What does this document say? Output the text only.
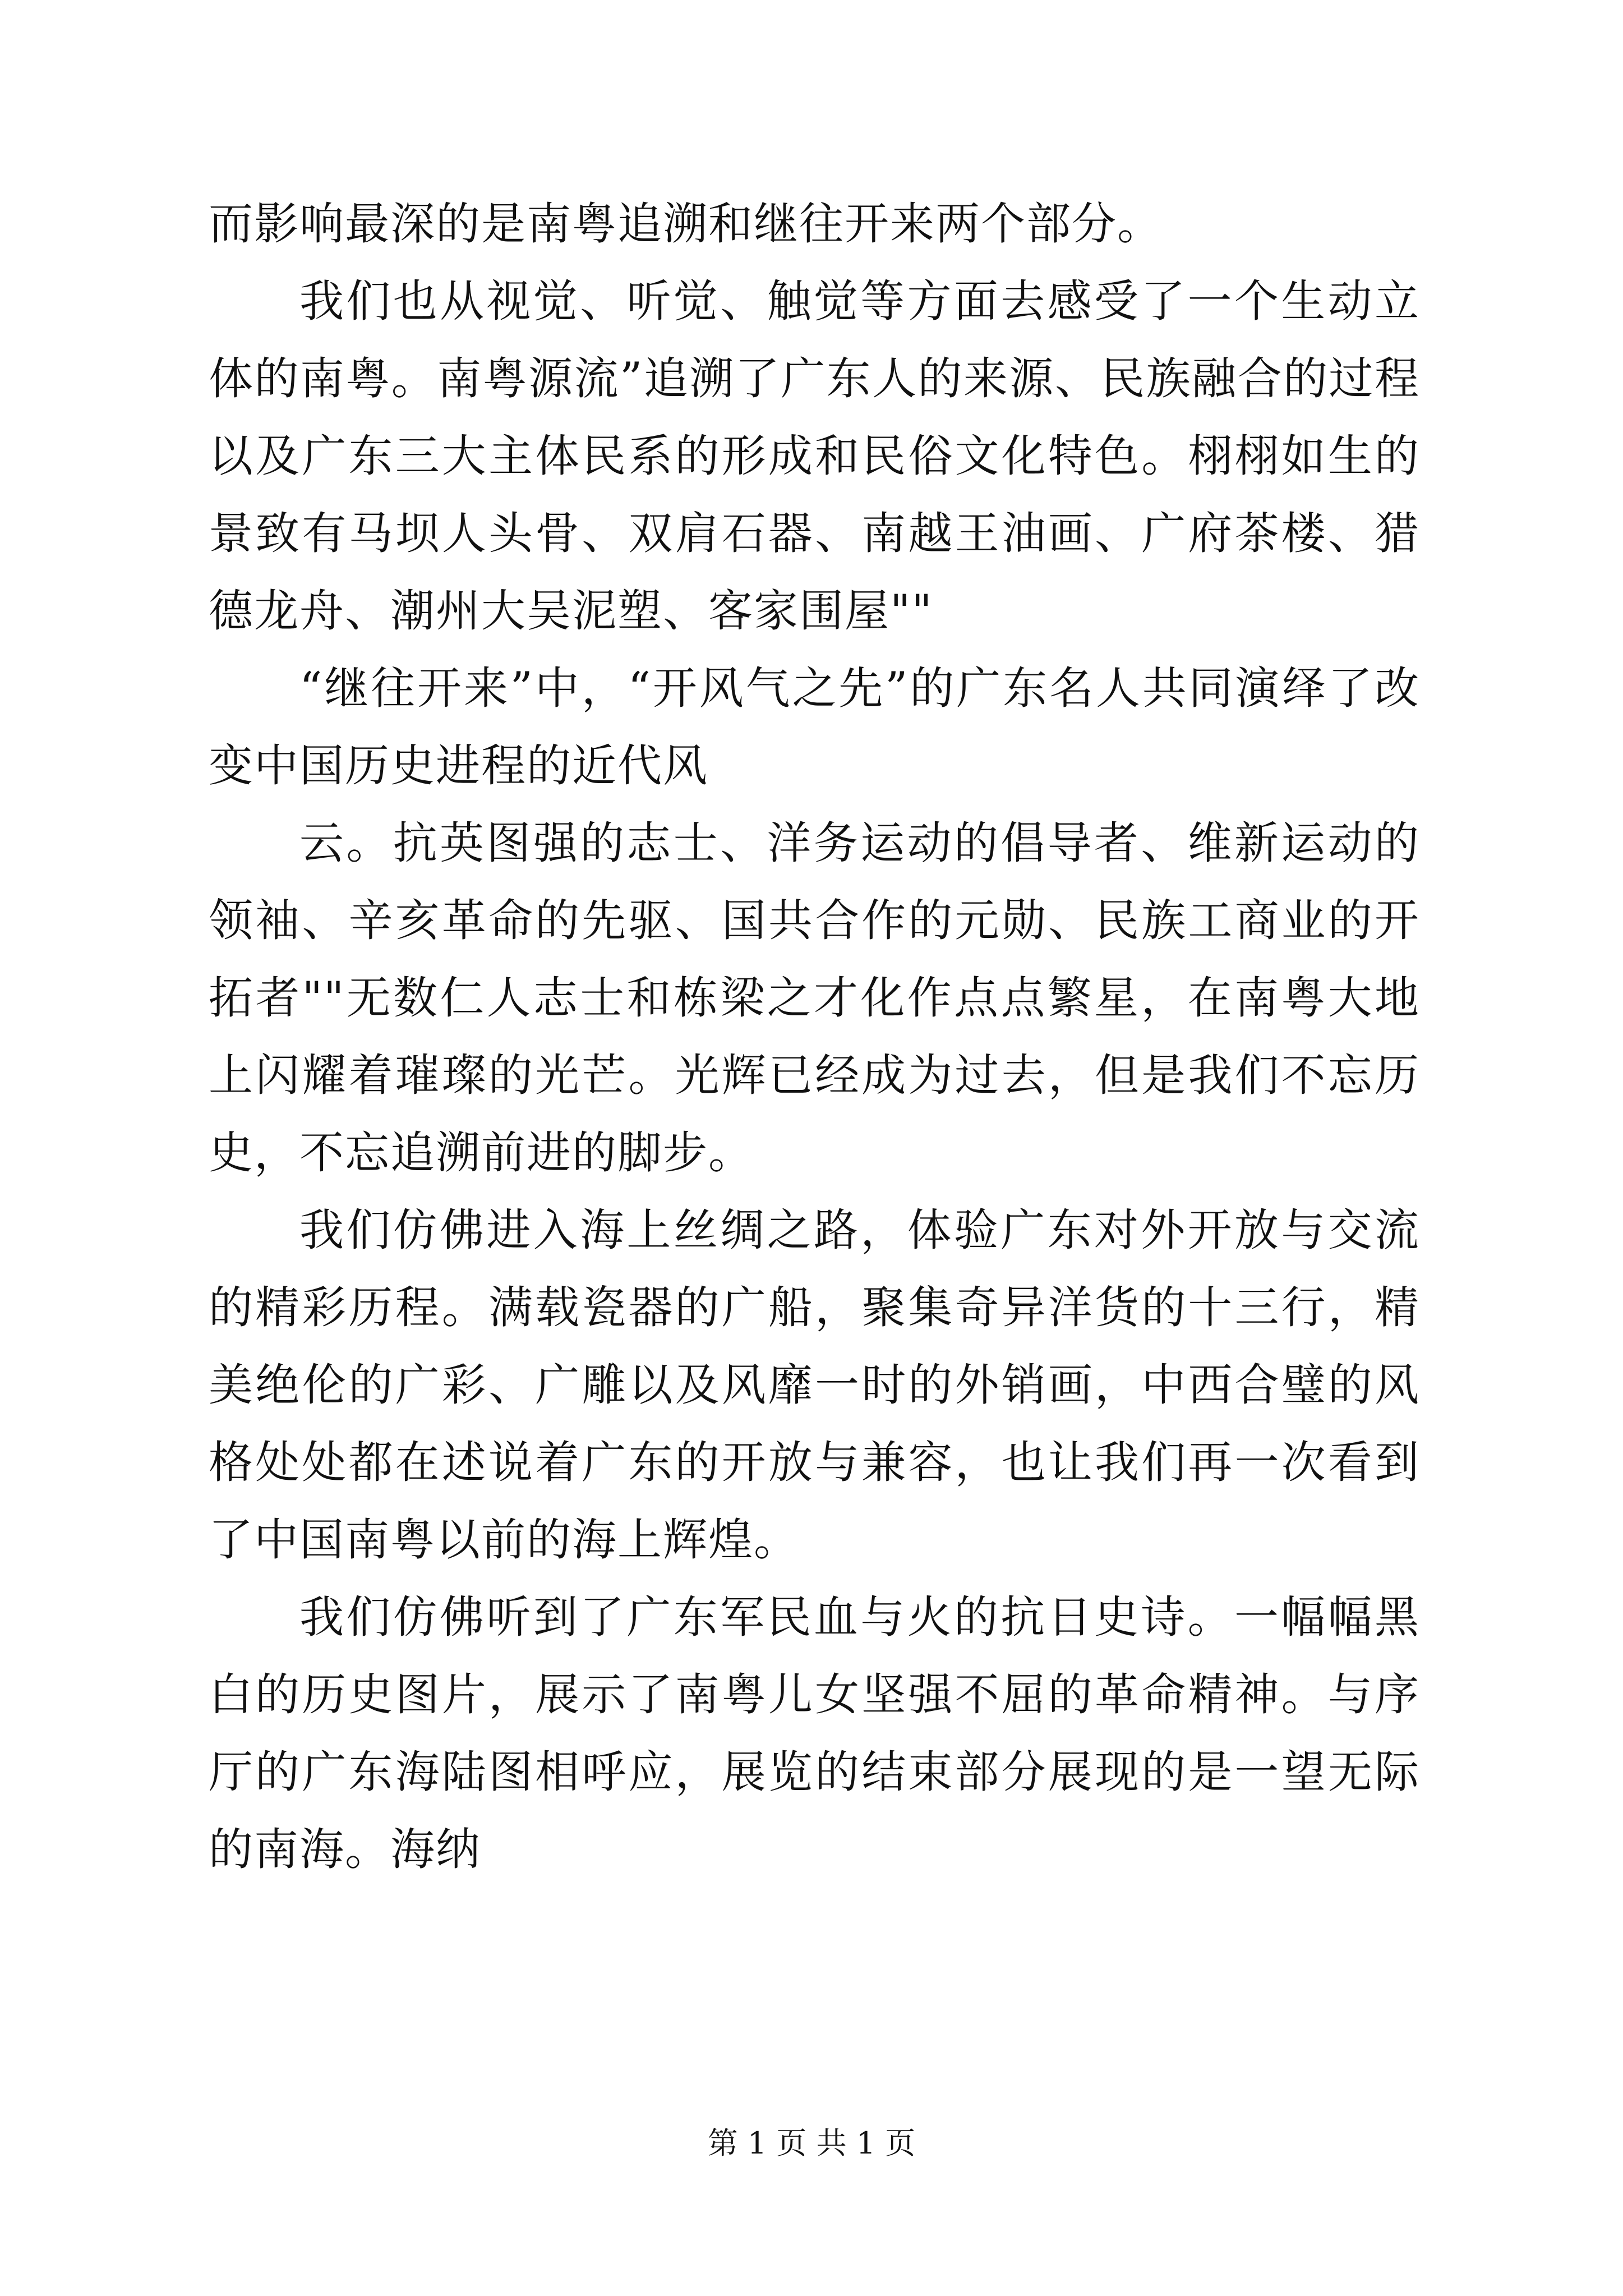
而影响最深的是南粤追溯和继往开来两个部分。

我们也从视觉、听觉、触觉等方面去感受了一个生动立体的南粤。南粤源流”追溯了广东人的来源、民族融合的过程以及广东三大主体民系的形成和民俗文化特色。栩栩如生的景致有马坝人头骨、双肩石器、南越王油画、广府茶楼、猎德龙舟、潮州大吴泥塑、客家围屋""

“继往开来”中，“开风气之先”的广东名人共同演绎了改变中国历史进程的近代风

云。抗英图强的志士、洋务运动的倡导者、维新运动的领袖、辛亥革命的先驱、国共合作的元勋、民族工商业的开拓者""无数仁人志士和栋梁之才化作点点繁星，在南粤大地上闪耀着璀璨的光芒。光辉已经成为过去，但是我们不忘历史，不忘追溯前进的脚步。

我们仿佛进入海上丝绸之路，体验广东对外开放与交流的精彩历程。满载瓷器的广船，聚集奇异洋货的十三行，精美绝伦的广彩、广雕以及风靡一时的外销画，中西合璧的风格处处都在述说着广东的开放与兼容，也让我们再一次看到了中国南粤以前的海上辉煌。

我们仿佛听到了广东军民血与火的抗日史诗。一幅幅黑白的历史图片，展示了南粤儿女坚强不屈的革命精神。与序厅的广东海陆图相呼应，展览的结束部分展现的是一望无际的南海。海纳

第 1 页 共 1 页
